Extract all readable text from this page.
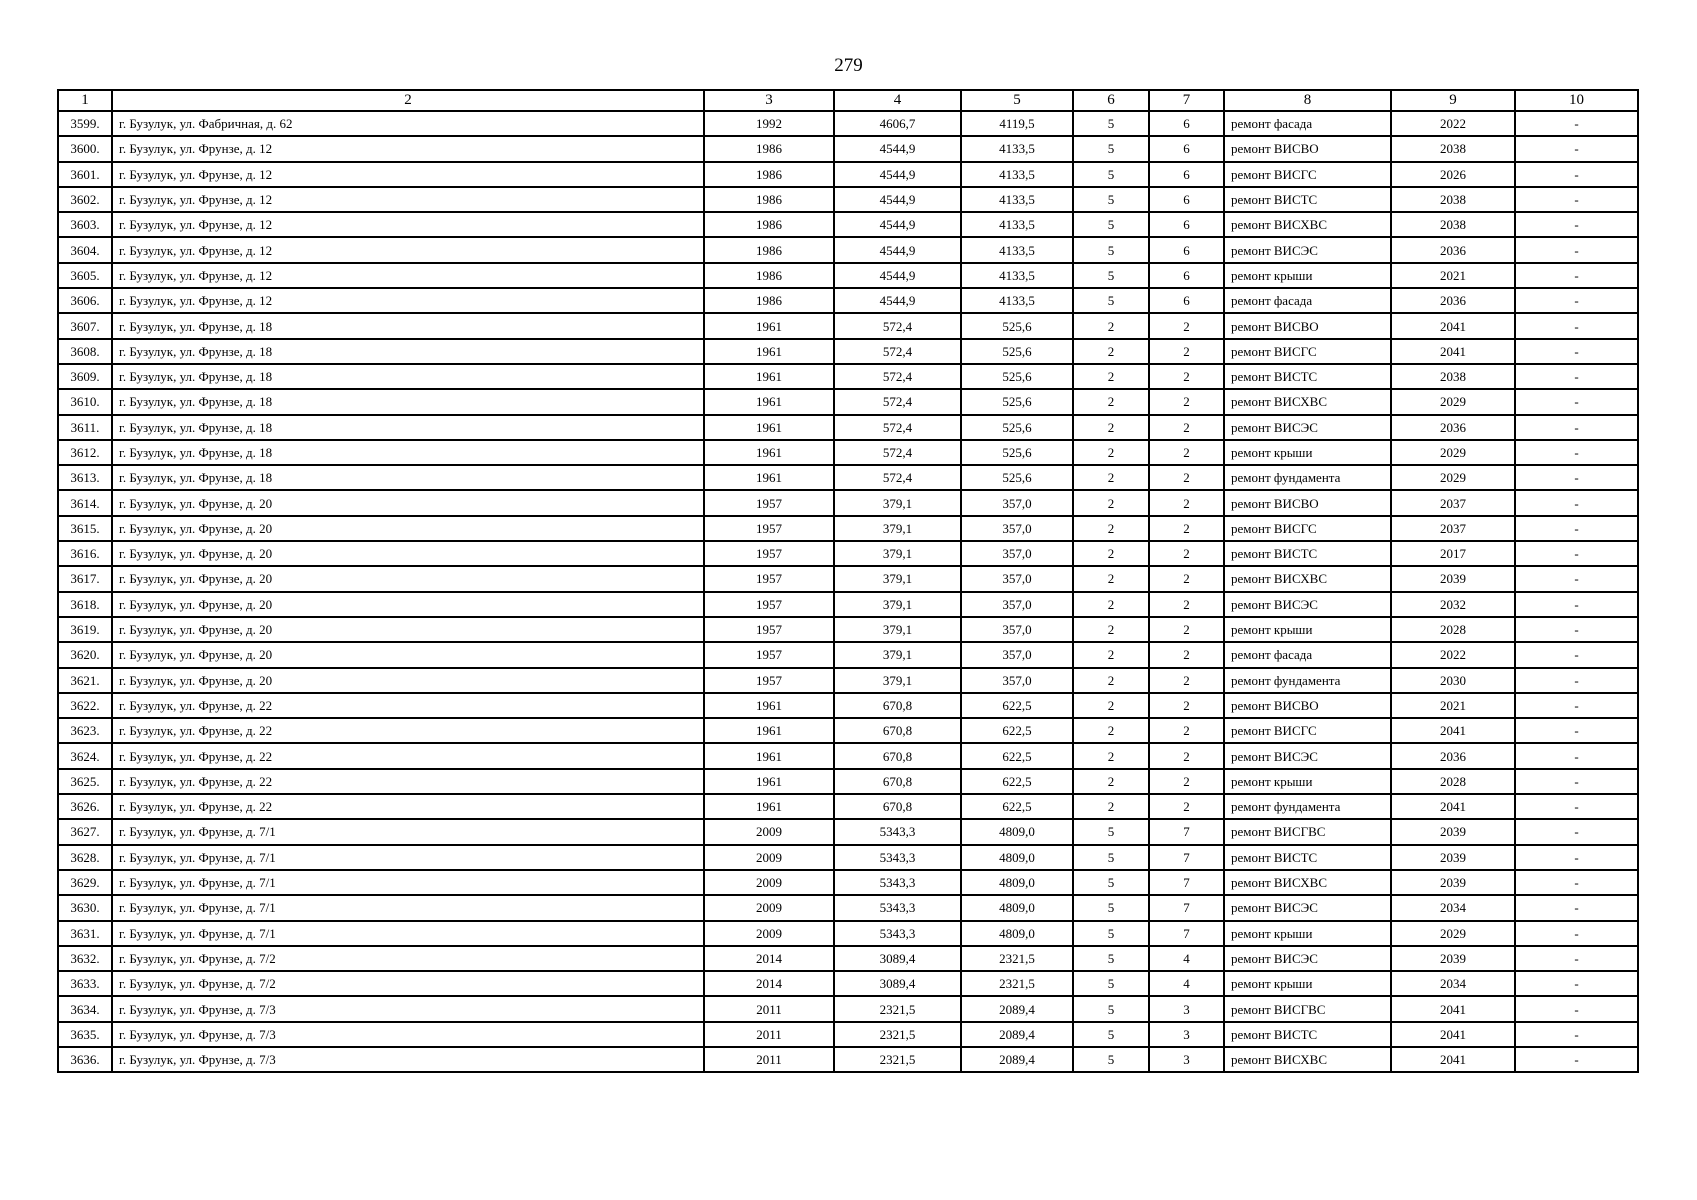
279
1	2	3	4	5	6	7	8	9	10
3599.	г. Бузулук, ул. Фабричная, д. 62	1992	4606,7	4119,5	5	6	ремонт фасада	2022	-
3600.	г. Бузулук, ул. Фрунзе, д. 12	1986	4544,9	4133,5	5	6	ремонт ВИСВО	2038	-
3601.	г. Бузулук, ул. Фрунзе, д. 12	1986	4544,9	4133,5	5	6	ремонт ВИСГС	2026	-
3602.	г. Бузулук, ул. Фрунзе, д. 12	1986	4544,9	4133,5	5	6	ремонт ВИСТС	2038	-
3603.	г. Бузулук, ул. Фрунзе, д. 12	1986	4544,9	4133,5	5	6	ремонт ВИСХВС	2038	-
3604.	г. Бузулук, ул. Фрунзе, д. 12	1986	4544,9	4133,5	5	6	ремонт ВИСЭС	2036	-
3605.	г. Бузулук, ул. Фрунзе, д. 12	1986	4544,9	4133,5	5	6	ремонт крыши	2021	-
3606.	г. Бузулук, ул. Фрунзе, д. 12	1986	4544,9	4133,5	5	6	ремонт фасада	2036	-
3607.	г. Бузулук, ул. Фрунзе, д. 18	1961	572,4	525,6	2	2	ремонт ВИСВО	2041	-
3608.	г. Бузулук, ул. Фрунзе, д. 18	1961	572,4	525,6	2	2	ремонт ВИСГС	2041	-
3609.	г. Бузулук, ул. Фрунзе, д. 18	1961	572,4	525,6	2	2	ремонт ВИСТС	2038	-
3610.	г. Бузулук, ул. Фрунзе, д. 18	1961	572,4	525,6	2	2	ремонт ВИСХВС	2029	-
3611.	г. Бузулук, ул. Фрунзе, д. 18	1961	572,4	525,6	2	2	ремонт ВИСЭС	2036	-
3612.	г. Бузулук, ул. Фрунзе, д. 18	1961	572,4	525,6	2	2	ремонт крыши	2029	-
3613.	г. Бузулук, ул. Фрунзе, д. 18	1961	572,4	525,6	2	2	ремонт фундамента	2029	-
3614.	г. Бузулук, ул. Фрунзе, д. 20	1957	379,1	357,0	2	2	ремонт ВИСВО	2037	-
3615.	г. Бузулук, ул. Фрунзе, д. 20	1957	379,1	357,0	2	2	ремонт ВИСГС	2037	-
3616.	г. Бузулук, ул. Фрунзе, д. 20	1957	379,1	357,0	2	2	ремонт ВИСТС	2017	-
3617.	г. Бузулук, ул. Фрунзе, д. 20	1957	379,1	357,0	2	2	ремонт ВИСХВС	2039	-
3618.	г. Бузулук, ул. Фрунзе, д. 20	1957	379,1	357,0	2	2	ремонт ВИСЭС	2032	-
3619.	г. Бузулук, ул. Фрунзе, д. 20	1957	379,1	357,0	2	2	ремонт крыши	2028	-
3620.	г. Бузулук, ул. Фрунзе, д. 20	1957	379,1	357,0	2	2	ремонт фасада	2022	-
3621.	г. Бузулук, ул. Фрунзе, д. 20	1957	379,1	357,0	2	2	ремонт фундамента	2030	-
3622.	г. Бузулук, ул. Фрунзе, д. 22	1961	670,8	622,5	2	2	ремонт ВИСВО	2021	-
3623.	г. Бузулук, ул. Фрунзе, д. 22	1961	670,8	622,5	2	2	ремонт ВИСГС	2041	-
3624.	г. Бузулук, ул. Фрунзе, д. 22	1961	670,8	622,5	2	2	ремонт ВИСЭС	2036	-
3625.	г. Бузулук, ул. Фрунзе, д. 22	1961	670,8	622,5	2	2	ремонт крыши	2028	-
3626.	г. Бузулук, ул. Фрунзе, д. 22	1961	670,8	622,5	2	2	ремонт фундамента	2041	-
3627.	г. Бузулук, ул. Фрунзе, д. 7/1	2009	5343,3	4809,0	5	7	ремонт ВИСГВС	2039	-
3628.	г. Бузулук, ул. Фрунзе, д. 7/1	2009	5343,3	4809,0	5	7	ремонт ВИСТС	2039	-
3629.	г. Бузулук, ул. Фрунзе, д. 7/1	2009	5343,3	4809,0	5	7	ремонт ВИСХВС	2039	-
3630.	г. Бузулук, ул. Фрунзе, д. 7/1	2009	5343,3	4809,0	5	7	ремонт ВИСЭС	2034	-
3631.	г. Бузулук, ул. Фрунзе, д. 7/1	2009	5343,3	4809,0	5	7	ремонт крыши	2029	-
3632.	г. Бузулук, ул. Фрунзе, д. 7/2	2014	3089,4	2321,5	5	4	ремонт ВИСЭС	2039	-
3633.	г. Бузулук, ул. Фрунзе, д. 7/2	2014	3089,4	2321,5	5	4	ремонт крыши	2034	-
3634.	г. Бузулук, ул. Фрунзе, д. 7/3	2011	2321,5	2089,4	5	3	ремонт ВИСГВС	2041	-
3635.	г. Бузулук, ул. Фрунзе, д. 7/3	2011	2321,5	2089,4	5	3	ремонт ВИСТС	2041	-
3636.	г. Бузулук, ул. Фрунзе, д. 7/3	2011	2321,5	2089,4	5	3	ремонт ВИСХВС	2041	-
